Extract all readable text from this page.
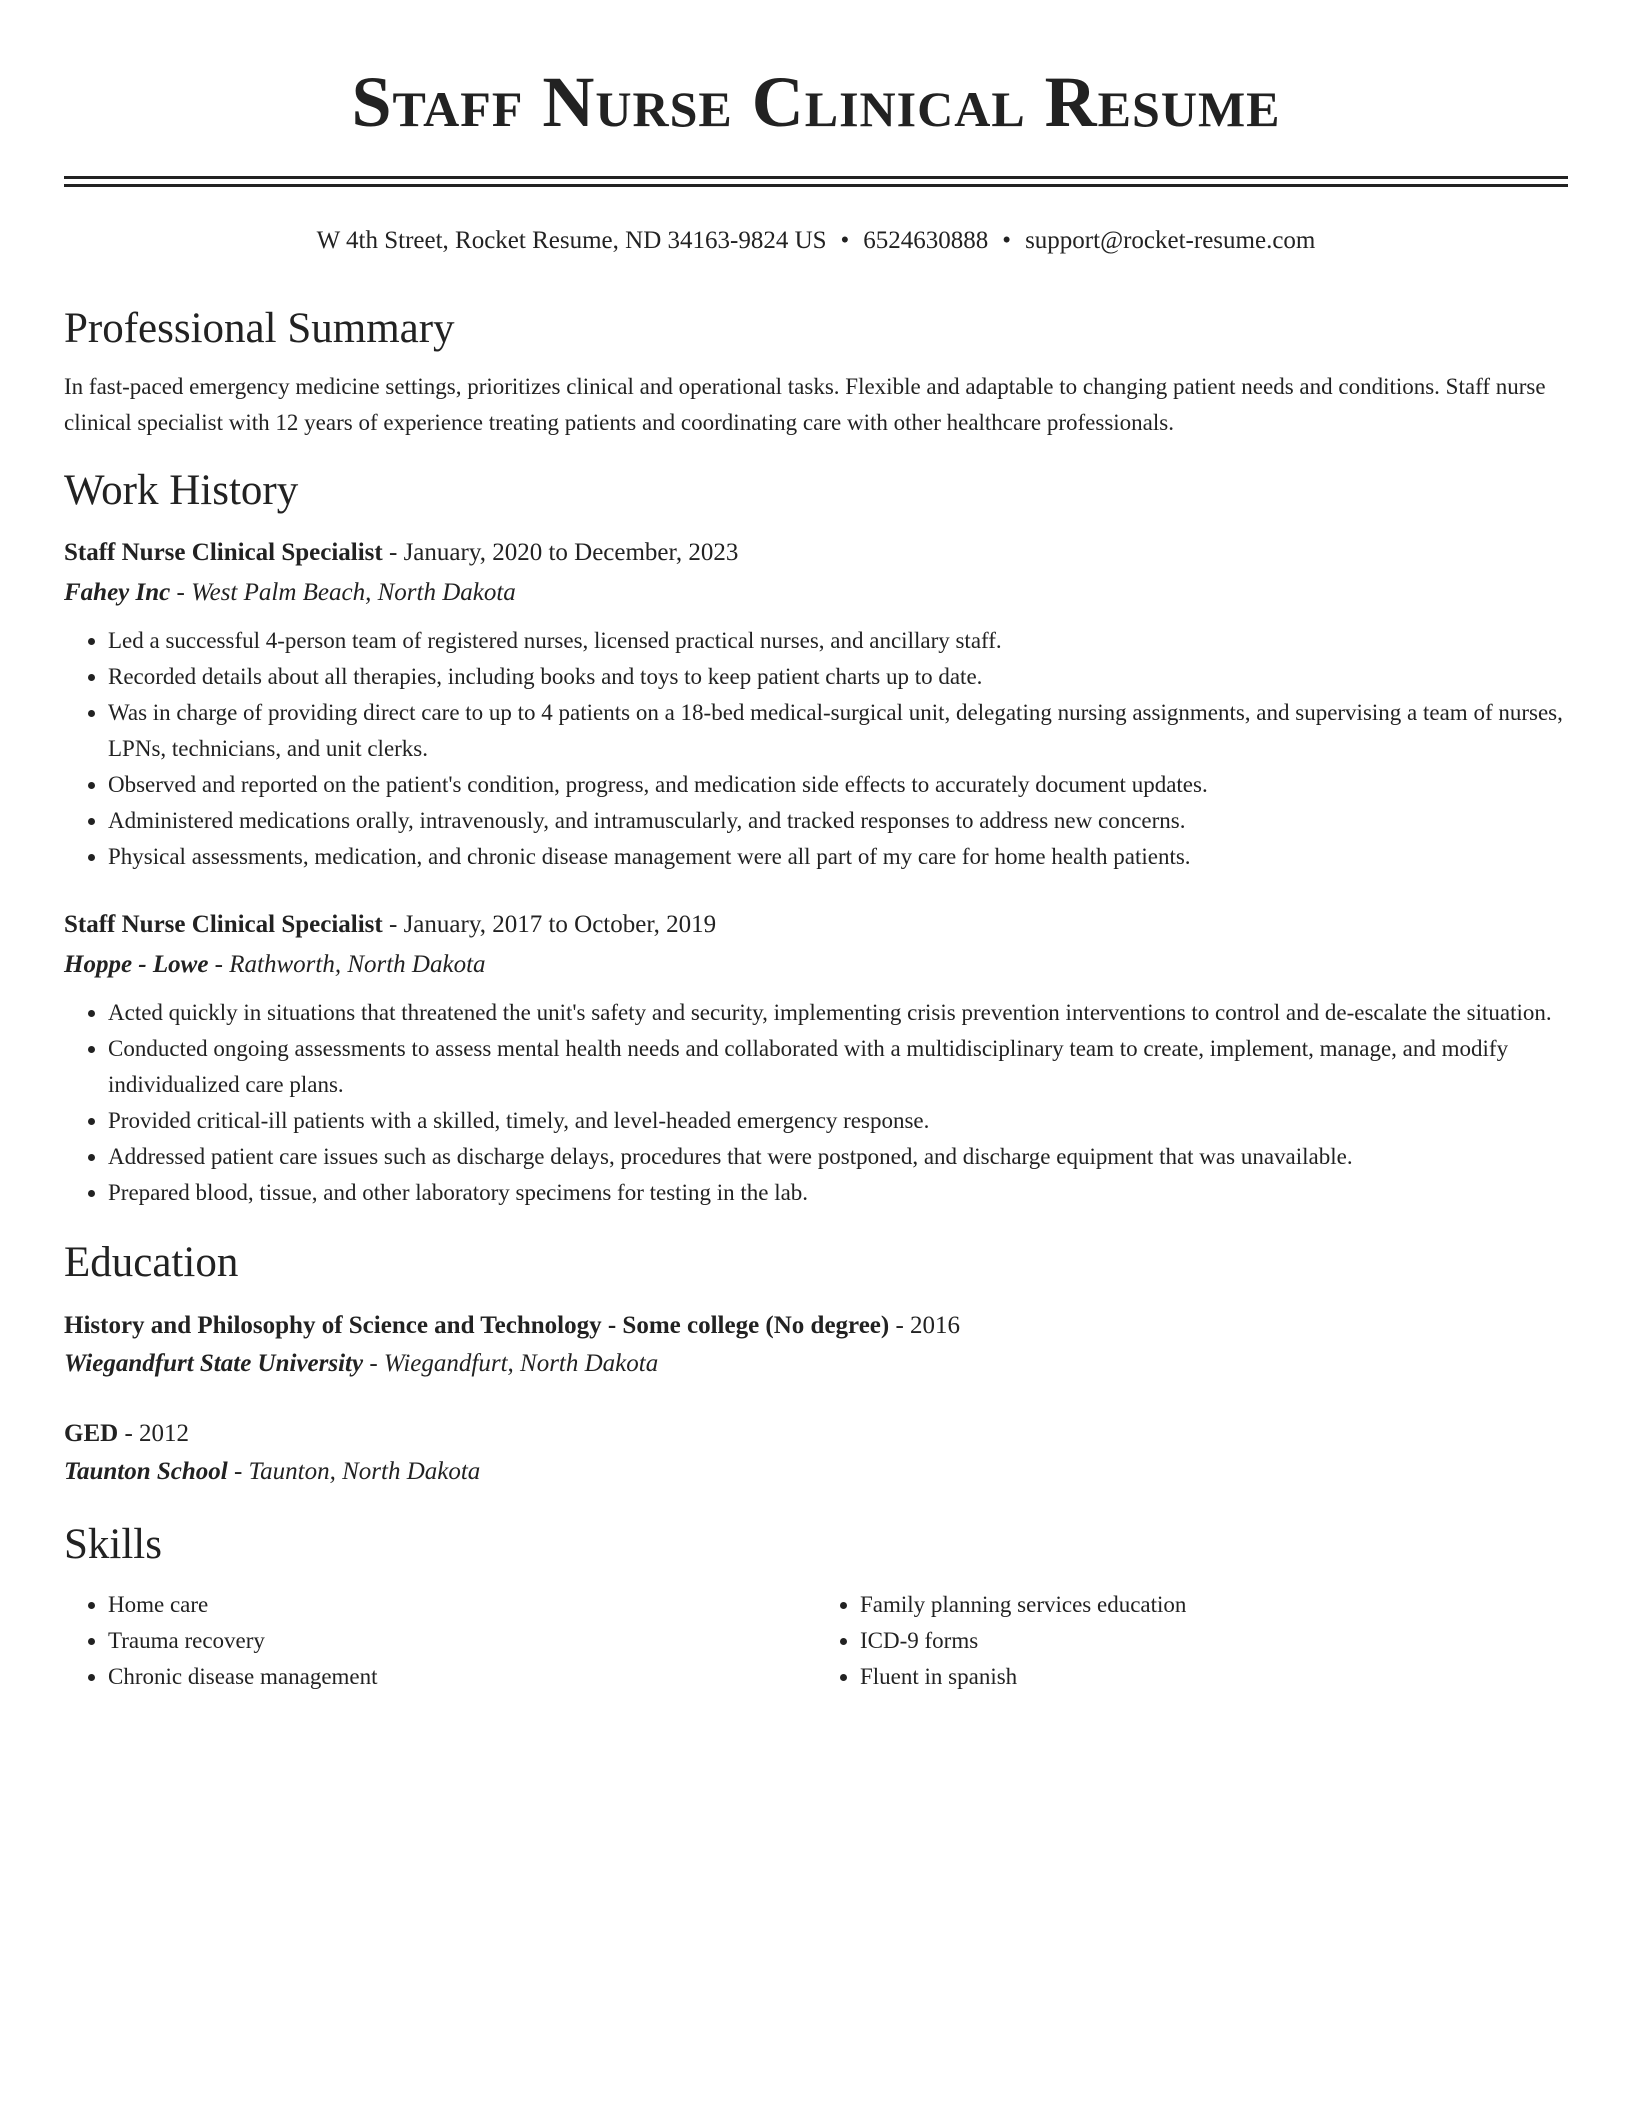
Staff Nurse Clinical Resume
W 4th Street, Rocket Resume, ND 34163-9824 US • 6524630888 • support@rocket-resume.com
Professional Summary
In fast-paced emergency medicine settings, prioritizes clinical and operational tasks. Flexible and adaptable to changing patient needs and conditions. Staff nurse clinical specialist with 12 years of experience treating patients and coordinating care with other healthcare professionals.
Work History
Staff Nurse Clinical Specialist - January, 2020 to December, 2023
Fahey Inc - West Palm Beach, North Dakota
• Led a successful 4-person team of registered nurses, licensed practical nurses, and ancillary staff.
• Recorded details about all therapies, including books and toys to keep patient charts up to date.
• Was in charge of providing direct care to up to 4 patients on a 18-bed medical-surgical unit, delegating nursing assignments, and supervising a team of nurses, LPNs, technicians, and unit clerks.
• Observed and reported on the patient's condition, progress, and medication side effects to accurately document updates.
• Administered medications orally, intravenously, and intramuscularly, and tracked responses to address new concerns.
• Physical assessments, medication, and chronic disease management were all part of my care for home health patients.
Staff Nurse Clinical Specialist - January, 2017 to October, 2019
Hoppe - Lowe - Rathworth, North Dakota
• Acted quickly in situations that threatened the unit's safety and security, implementing crisis prevention interventions to control and de-escalate the situation.
• Conducted ongoing assessments to assess mental health needs and collaborated with a multidisciplinary team to create, implement, manage, and modify individualized care plans.
• Provided critical-ill patients with a skilled, timely, and level-headed emergency response.
• Addressed patient care issues such as discharge delays, procedures that were postponed, and discharge equipment that was unavailable.
• Prepared blood, tissue, and other laboratory specimens for testing in the lab.
Education
History and Philosophy of Science and Technology - Some college (No degree) - 2016
Wiegandfurt State University - Wiegandfurt, North Dakota
GED - 2012
Taunton School - Taunton, North Dakota
Skills
• Home care
• Trauma recovery
• Chronic disease management
• Family planning services education
• ICD-9 forms
• Fluent in spanish
